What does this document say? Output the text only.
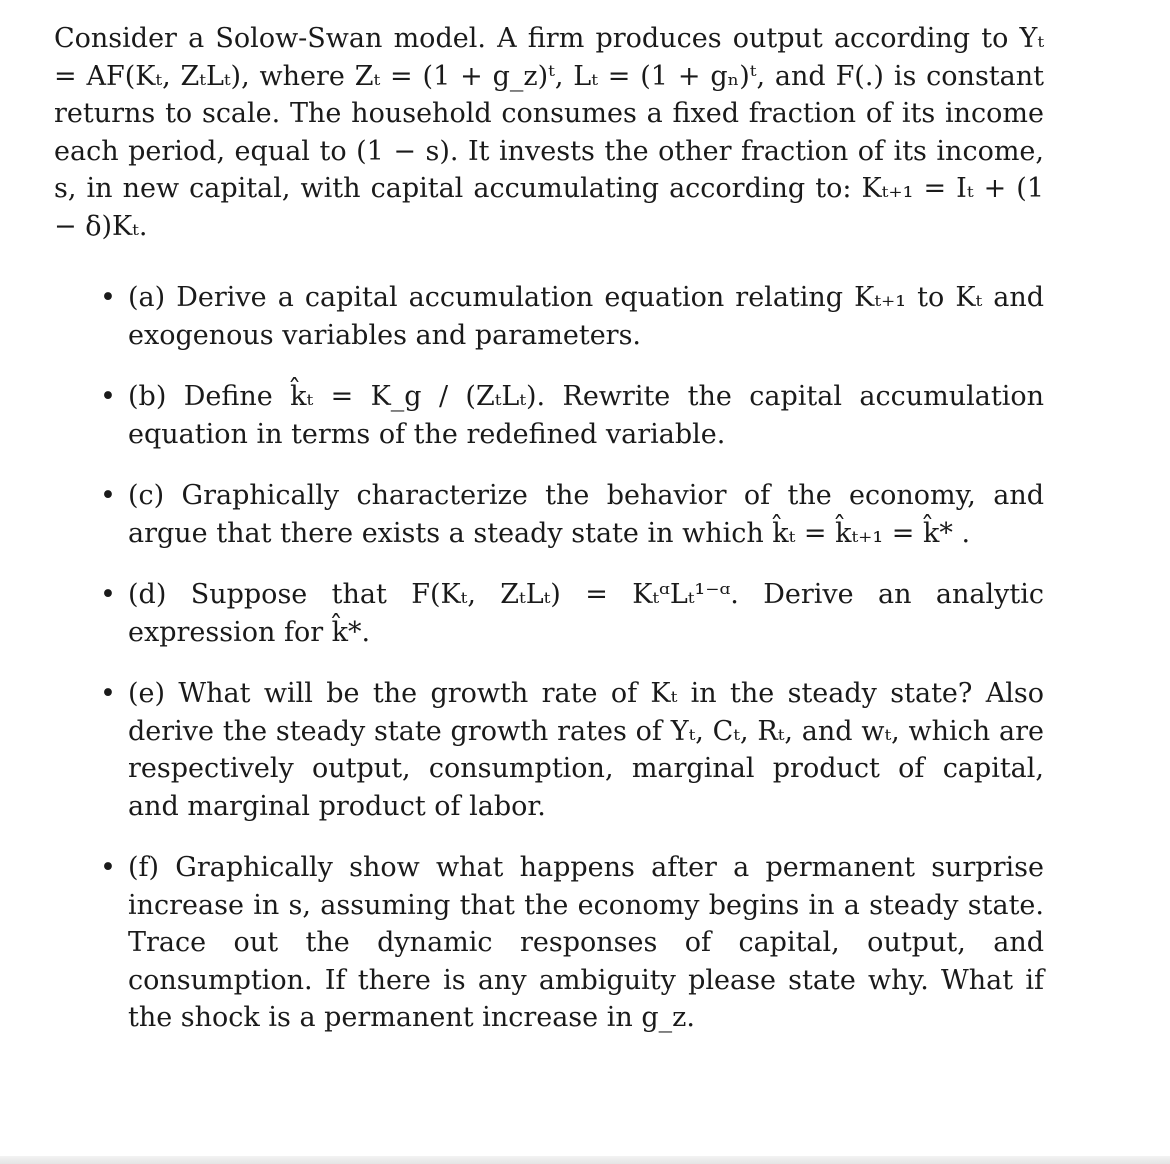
Consider a Solow-Swan model. A firm produces output according to Yₜ = AF(Kₜ, ZₜLₜ), where Zₜ = (1 + g_z)ᵗ, Lₜ = (1 + gₙ)ᵗ, and F(.) is constant returns to scale. The household consumes a fixed fraction of its income each period, equal to (1 − s). It invests the other fraction of its income, s, in new capital, with capital accumulating according to: Kₜ₊₁ = Iₜ + (1 − δ)Kₜ.

• (a) Derive a capital accumulation equation relating Kₜ₊₁ to Kₜ and exogenous variables and parameters.
• (b) Define k̂ₜ = K_g / (ZₜLₜ). Rewrite the capital accumulation equation in terms of the redefined variable.
• (c) Graphically characterize the behavior of the economy, and argue that there exists a steady state in which k̂ₜ = k̂ₜ₊₁ = k̂* .
• (d) Suppose that F(Kₜ, ZₜLₜ) = KₜᵅLₜ¹⁻ᵅ. Derive an analytic expression for k̂*.
• (e) What will be the growth rate of Kₜ in the steady state? Also derive the steady state growth rates of Yₜ, Cₜ, Rₜ, and wₜ, which are respectively output, consumption, marginal product of capital, and marginal product of labor.
• (f) Graphically show what happens after a permanent surprise increase in s, assuming that the economy begins in a steady state. Trace out the dynamic responses of capital, output, and consumption. If there is any ambiguity please state why. What if the shock is a permanent increase in g_z.
